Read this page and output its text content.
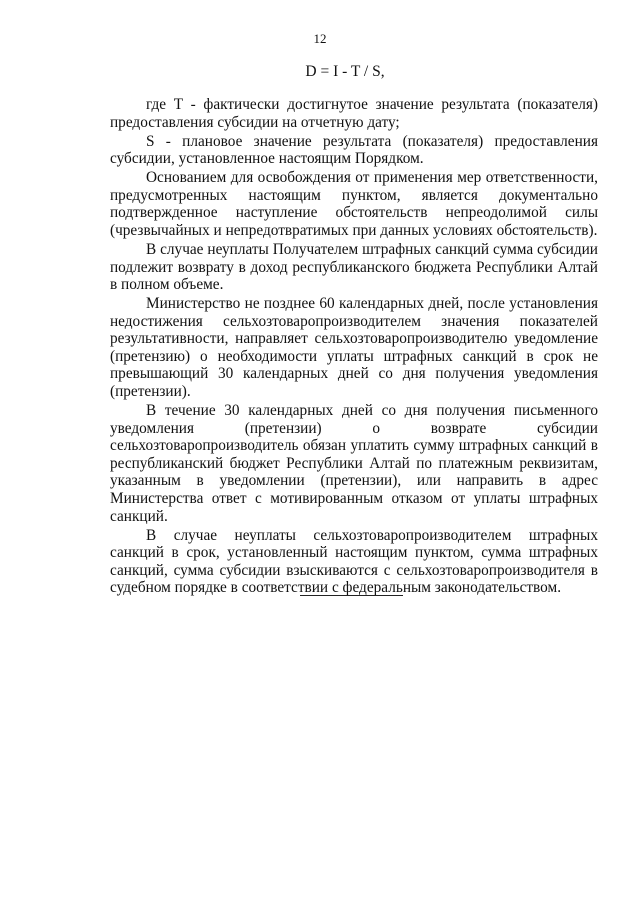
12
D = I - T / S,

где T - фактически достигнутое значение результата (показателя) предоставления субсидии на отчетную дату;

S - плановое значение результата (показателя) предоставления субсидии, установленное настоящим Порядком.

Основанием для освобождения от применения мер ответственности, предусмотренных настоящим пунктом, является документально подтвержденное наступление обстоятельств непреодолимой силы (чрезвычайных и непредотвратимых при данных условиях обстоятельств).

В случае неуплаты Получателем штрафных санкций сумма субсидии подлежит возврату в доход республиканского бюджета Республики Алтай в полном объеме.

Министерство не позднее 60 календарных дней, после установления недостижения сельхозтоваропроизводителем значения показателей результативности, направляет сельхозтоваропроизводителю уведомление (претензию) о необходимости уплаты штрафных санкций в срок не превышающий 30 календарных дней со дня получения уведомления (претензии).

В течение 30 календарных дней со дня получения письменного уведомления (претензии) о возврате субсидии сельхозтоваропроизводитель обязан уплатить сумму штрафных санкций в республиканский бюджет Республики Алтай по платежным реквизитам, указанным в уведомлении (претензии), или направить в адрес Министерства ответ с мотивированным отказом от уплаты штрафных санкций.

В случае неуплаты сельхозтоваропроизводителем штрафных санкций в срок, установленный настоящим пунктом, сумма штрафных санкций, сумма субсидии взыскиваются с сельхозтоваропроизводителя в судебном порядке в соответствии с федеральным законодательством.
